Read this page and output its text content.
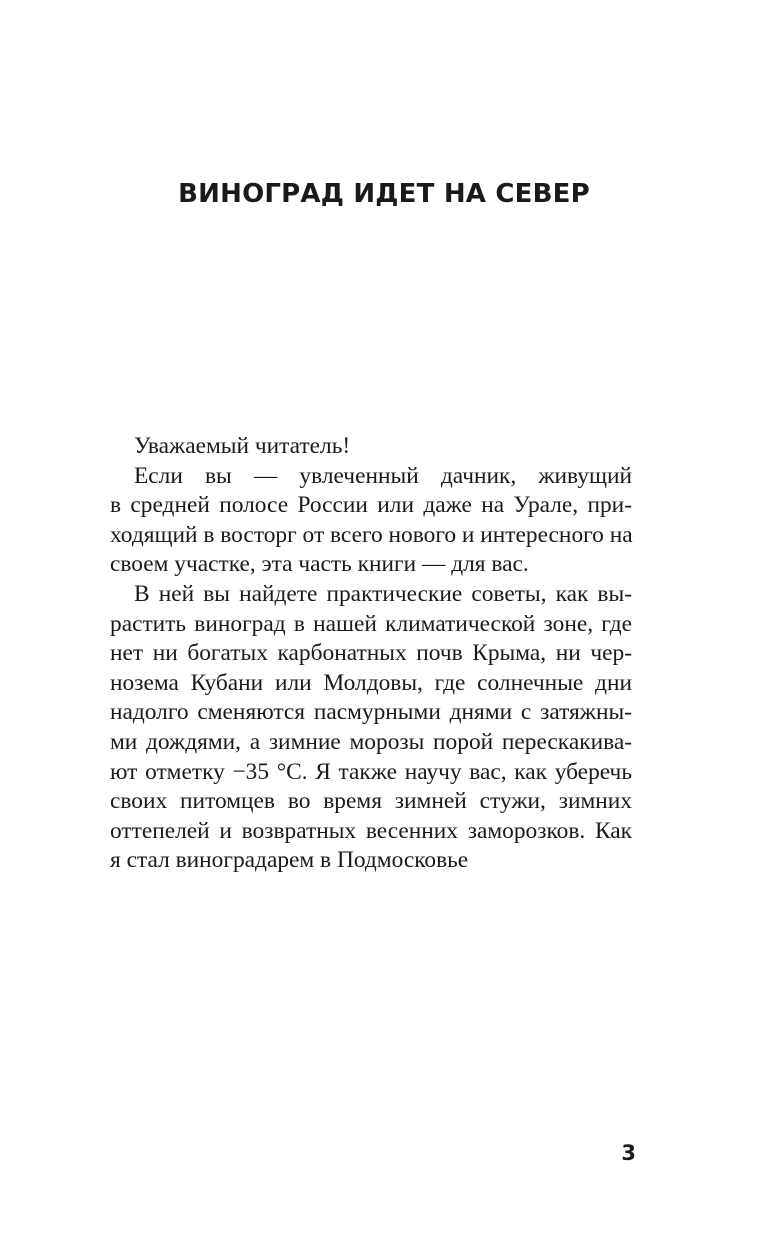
ВИНОГРАД ИДЕТ НА СЕВЕР

Уважаемый читатель!

Если вы — увлеченный дачник, живущий
в средней полосе России или даже на Урале, при-
ходящий в восторг от всего нового и интересного на
своем участке, эта часть книги — для вас.
В ней вы найдете практические советы, как вы-
растить виноград в нашей климатической зоне, где
нет ни богатых карбонатных почв Крыма, ни чер-
нозема Кубани или Молдовы, где солнечные дни
надолго сменяются пасмурными днями с затяжны-
ми дождями, а зимние морозы порой перескакива-
ют отметку −35 °С. Я также научу вас, как уберечь
своих питомцев во время зимней стужи, зимних
оттепелей и возвратных весенних заморозков. Как
я стал виноградарем в Подмосковье
3
